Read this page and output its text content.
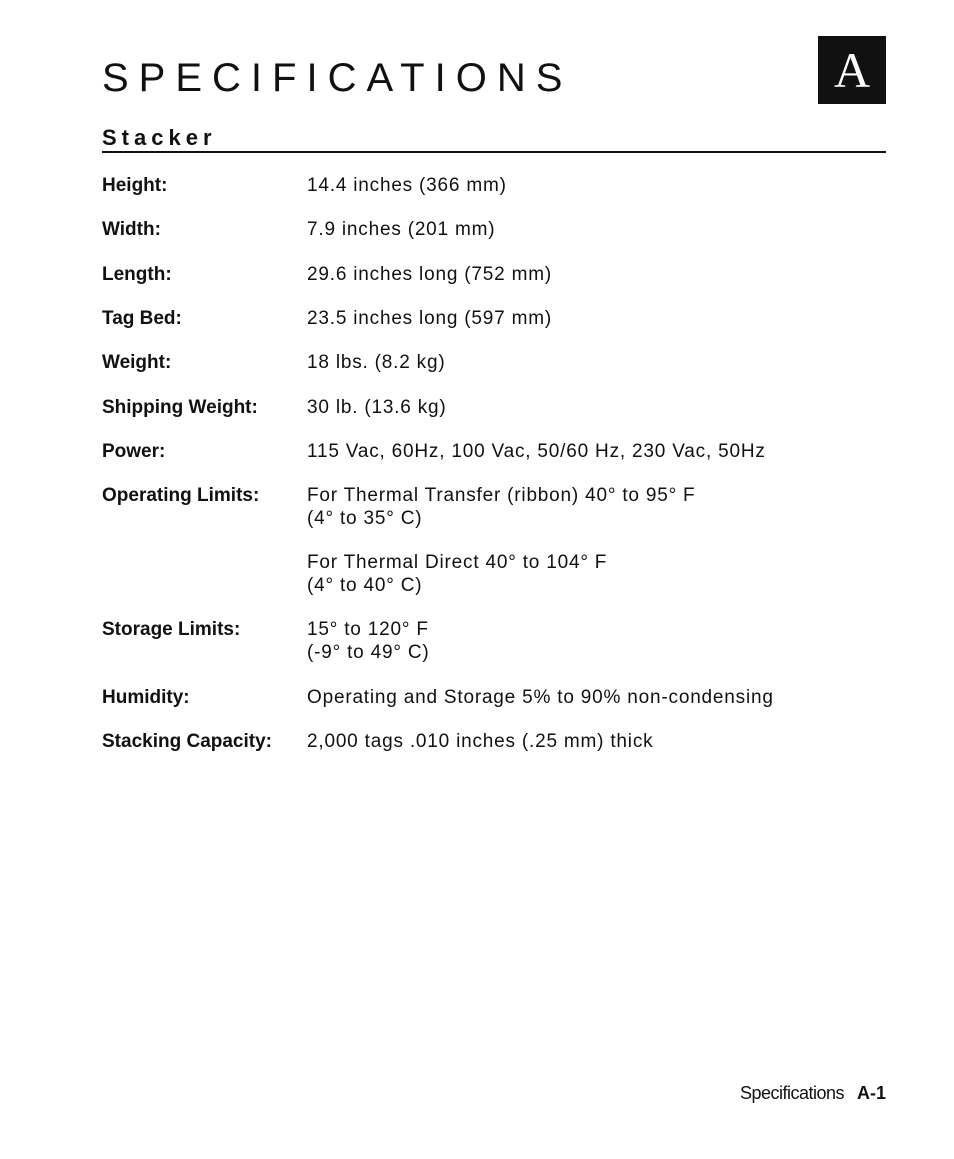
SPECIFICATIONS	A
Stacker
Height:	14.4 inches (366 mm)
Width:	7.9 inches (201 mm)
Length:	29.6 inches long (752 mm)
Tag Bed:	23.5 inches long (597 mm)
Weight:	18 lbs. (8.2 kg)
Shipping Weight:	30 lb. (13.6 kg)
Power:	115 Vac, 60Hz, 100 Vac, 50/60 Hz, 230 Vac, 50Hz
Operating Limits:	For Thermal Transfer (ribbon) 40° to 95° F
(4° to 35° C)
For Thermal Direct 40° to 104° F
(4° to 40° C)
Storage Limits:	15° to 120° F
(-9° to 49° C)
Humidity:	Operating and Storage 5% to 90% non-condensing
Stacking Capacity: 2,000 tags .010 inches (.25 mm) thick
Specifications A-1
